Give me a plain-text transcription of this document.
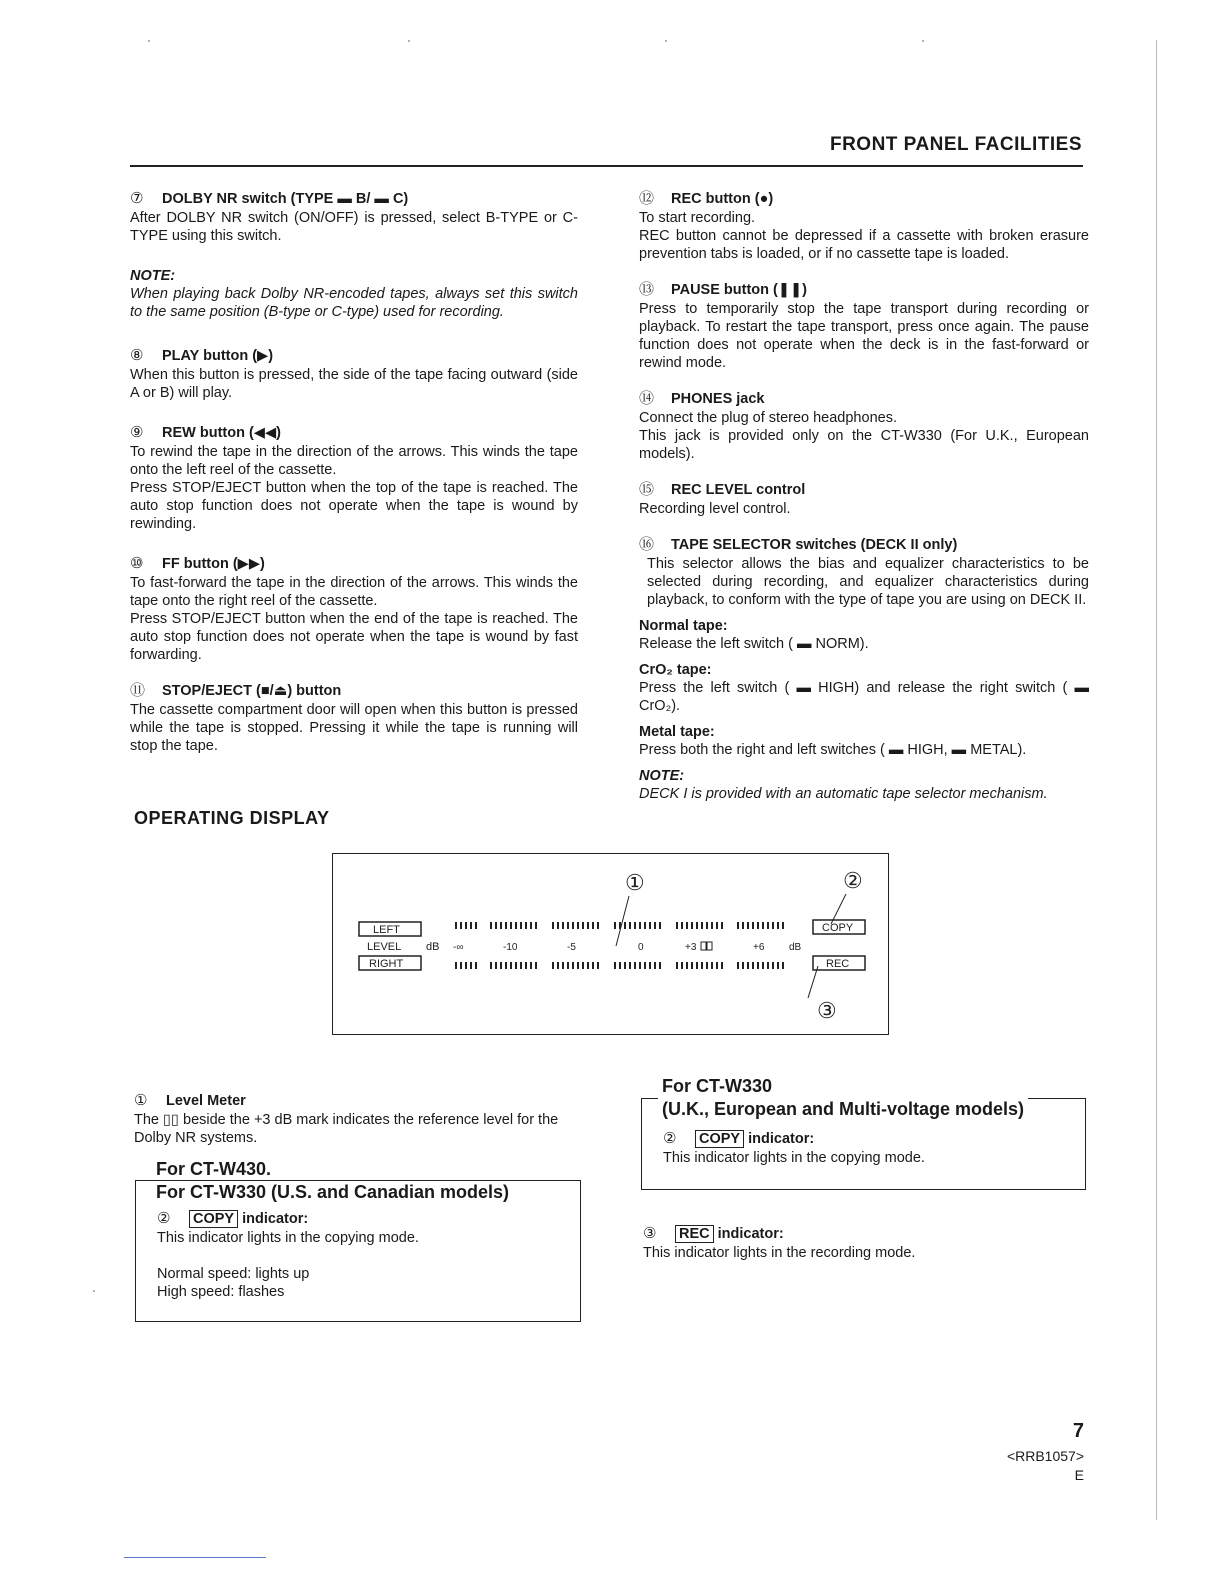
FRONT PANEL FACILITIES
⑦ DOLBY NR switch (TYPE ▬ B/ ▬ C)

After DOLBY NR switch (ON/OFF) is pressed, select B-TYPE or C-TYPE using this switch.

NOTE:

When playing back Dolby NR-encoded tapes, always set this switch to the same position (B-type or C-type) used for recording.

⑧ PLAY button (▶)

When this button is pressed, the side of the tape facing outward (side A or B) will play.

⑨ REW button (◀◀)

To rewind the tape in the direction of the arrows. This winds the tape onto the left reel of the cassette.

Press STOP/EJECT button when the top of the tape is reached. The auto stop function does not operate when the tape is wound by rewinding.

⑩ FF button (▶▶)

To fast-forward the tape in the direction of the arrows. This winds the tape onto the right reel of the cassette.

Press STOP/EJECT button when the end of the tape is reached. The auto stop function does not operate when the tape is wound by fast forwarding.

⑪ STOP/EJECT (■/⏏) button

The cassette compartment door will open when this button is pressed while the tape is stopped. Pressing it while the tape is running will stop the tape.

⑫ REC button (●)

To start recording.

REC button cannot be depressed if a cassette with broken erasure prevention tabs is loaded, or if no cassette tape is loaded.

⑬ PAUSE button (❚❚)

Press to temporarily stop the tape transport during recording or playback. To restart the tape transport, press once again. The pause function does not operate when the deck is in the fast-forward or rewind mode.

⑭ PHONES jack

Connect the plug of stereo headphones.

This jack is provided only on the CT-W330 (For U.K., European models).

⑮ REC LEVEL control

Recording level control.

⑯ TAPE SELECTOR switches (DECK II only)

This selector allows the bias and equalizer characteristics to be selected during recording, and equalizer characteristics during playback, to conform with the type of tape you are using on DECK II.

Normal tape:

Release the left switch ( ▬ NORM).

CrO₂ tape:

Press the left switch ( ▬ HIGH) and release the right switch ( ▬ CrO₂).

Metal tape:

Press both the right and left switches ( ▬ HIGH, ▬ METAL).

NOTE:

DECK I is provided with an automatic tape selector mechanism.

OPERATING DISPLAY
①	②
③
LEFT
LEVEL dB
RIGHT
-∞	-10	-5	0	+3	+6 dB
COPY
REC
① Level Meter

The ▯▯ beside the +3 dB mark indicates the reference level for the Dolby NR systems.

For CT-W430.
For CT-W330 (U.S. and Canadian models)
② COPY indicator:

This indicator lights in the copying mode.

Normal speed: lights up

High speed: flashes

For CT-W330
(U.K., European and Multi-voltage models)
② COPY indicator:

This indicator lights in the copying mode.

③ REC indicator:

This indicator lights in the recording mode.

7
<RRB1057>
E
